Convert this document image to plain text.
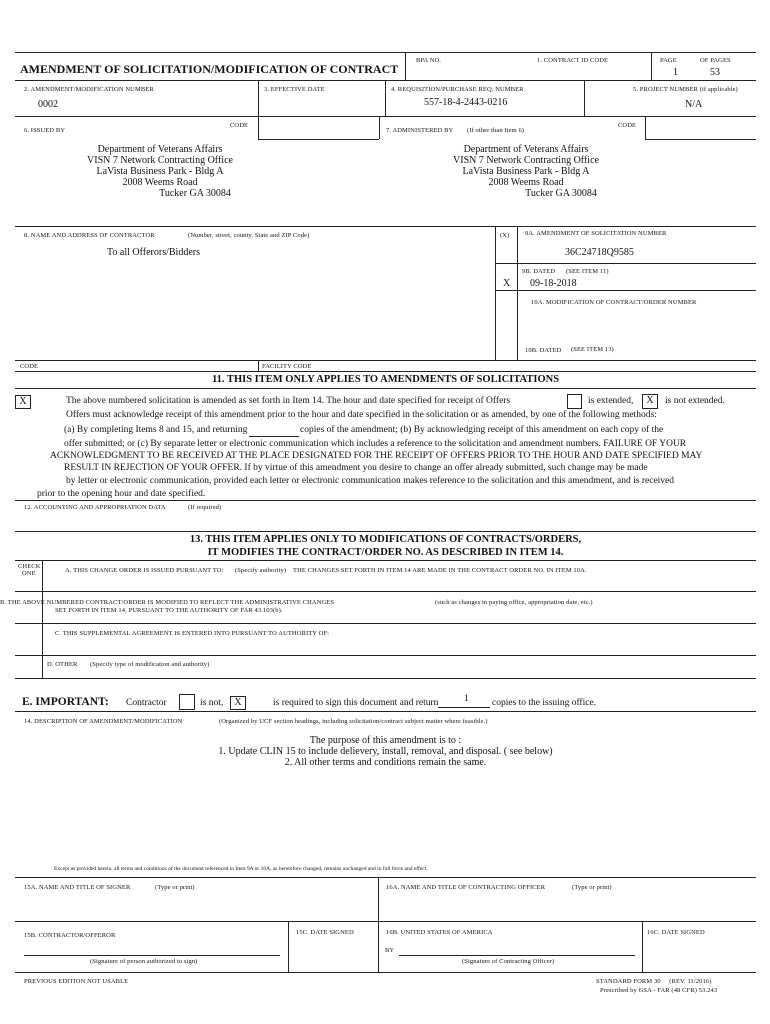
AMENDMENT OF SOLICITATION/MODIFICATION OF CONTRACT
BPA NO.	1. CONTRACT ID CODE	PAGE	OF PAGES
1	53
2. AMENDMENT/MODIFICATION NUMBER
0002
3. EFFECTIVE DATE	4. REQUISITION/PURCHASE REQ. NUMBER
557-18-4-2443-0216
5. PROJECT NUMBER (if applicable)
N/A
6. ISSUED BY
CODE
7. ADMINISTERED BY (If other than Item 6)
CODE
Department of Veterans Affairs
VISN 7 Network Contracting Office
LaVista Business Park - Bldg A
2008 Weems Road
Tucker GA 30084
Department of Veterans Affairs
VISN 7 Network Contracting Office
LaVista Business Park - Bldg A
2008 Weems Road
Tucker GA 30084
8. NAME AND ADDRESS OF CONTRACTOR	(Number, street, county, State and ZIP Code)
To all Offerors/Bidders
(X) 9A. AMENDMENT OF SOLICITATION NUMBER
36C24718Q9585
9B. DATED (SEE ITEM 11)
X 09-18-2018
10A. MODIFICATION OF CONTRACT/ORDER NUMBER
10B. DATED (SEE ITEM 13)
CODE	FACILITY CODE
11. THIS ITEM ONLY APPLIES TO AMENDMENTS OF SOLICITATIONS
X	The above numbered solicitation is amended as set forth in Item 14. The hour and date specified for receipt of Offers	is extended,	X	is not extended.
Offers must acknowledge receipt of this amendment prior to the hour and date specified in the solicitation or as amended, by one of the following methods:
(a) By completing Items 8 and 15, and returning	copies of the amendment; (b) By acknowledging receipt of this amendment on each copy of the
offer submitted; or (c) By separate letter or electronic communication which includes a reference to the solicitation and amendment numbers. FAILURE OF YOUR
ACKNOWLEDGMENT TO BE RECEIVED AT THE PLACE DESIGNATED FOR THE RECEIPT OF OFFERS PRIOR TO THE HOUR AND DATE SPECIFIED MAY
RESULT IN REJECTION OF YOUR OFFER. If by virtue of this amendment you desire to change an offer already submitted, such change may be made
by letter or electronic communication, provided each letter or electronic communication makes reference to the solicitation and this amendment, and is received
prior to the opening hour and date specified.
12. ACCOUNTING AND APPROPRIATION DATA	(If required)
13. THIS ITEM APPLIES ONLY TO MODIFICATIONS OF CONTRACTS/ORDERS,
IT MODIFIES THE CONTRACT/ORDER NO. AS DESCRIBED IN ITEM 14.
CHECK
ONE	A. THIS CHANGE ORDER IS ISSUED PURSUANT TO: (Specify authority) THE CHANGES SET FORTH IN ITEM 14 ARE MADE IN THE CONTRACT ORDER NO. IN ITEM 10A.
B. THE ABOVE NUMBERED CONTRACT/ORDER IS MODIFIED TO REFLECT THE ADMINISTRATIVE CHANGES	(such as changes in paying office, appropriation date, etc.)
SET FORTH IN ITEM 14, PURSUANT TO THE AUTHORITY OF FAR 43.103(b).
C. THIS SUPPLEMENTAL AGREEMENT IS ENTERED INTO PURSUANT TO AUTHORITY OF:
D. OTHER (Specify type of modification and authority)
E. IMPORTANT: Contractor	is not,	X	is required to sign this document and return	1 copies to the issuing office.
14. DESCRIPTION OF AMENDMENT/MODIFICATION	(Organized by UCF section headings, including solicitation/contract subject matter where feasible.)
The purpose of this amendment is to :
1. Update CLIN 15 to include delievery, install, removal, and disposal. ( see below)
2. All other terms and conditions remain the same.
Except as provided herein, all terms and conditions of the document referenced in Item 9A or 10A, as heretofore changed, remains unchanged and in full force and effect.
15A. NAME AND TITLE OF SIGNER	(Type or print)	16A. NAME AND TITLE OF CONTRACTING OFFICER	(Type or print)
15B. CONTRACTOR/OFFEROR	15C. DATE SIGNED	16B. UNITED STATES OF AMERICA	16C. DATE SIGNED
BY
(Signature of person authorized to sign)	(Signature of Contracting Officer)
PREVIOUS EDITION NOT USABLE	STANDARD FORM 30     (REV. 11/2016)
Prescribed by GSA - FAR (48 CFR) 53.243
